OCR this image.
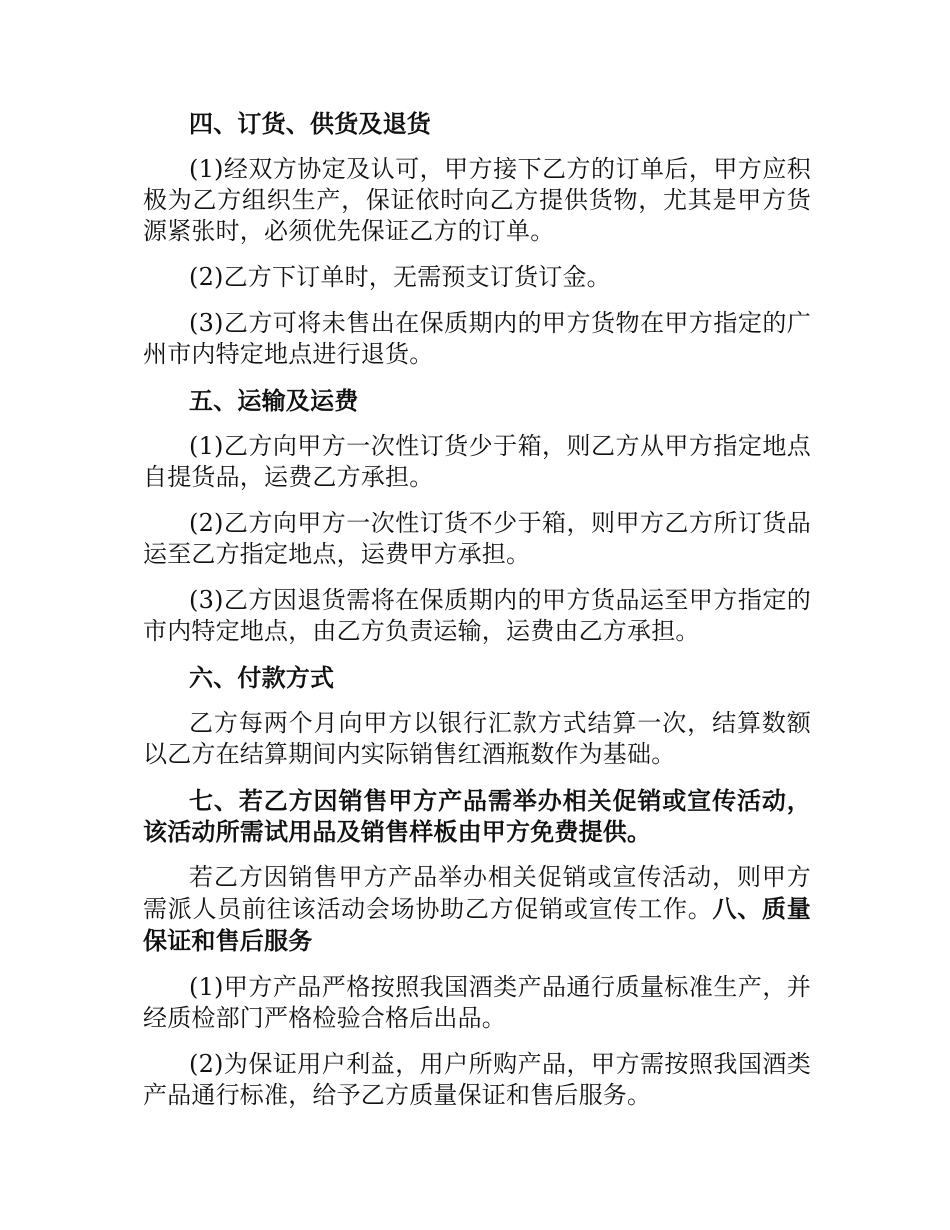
四、订货、供货及退货

(1)经双方协定及认可，甲方接下乙方的订单后，甲方应积极为乙方组织生产，保证依时向乙方提供货物，尤其是甲方货源紧张时，必须优先保证乙方的订单。

(2)乙方下订单时，无需预支订货订金。

(3)乙方可将未售出在保质期内的甲方货物在甲方指定的广州市内特定地点进行退货。

五、运输及运费

(1)乙方向甲方一次性订货少于箱，则乙方从甲方指定地点自提货品，运费乙方承担。

(2)乙方向甲方一次性订货不少于箱，则甲方乙方所订货品运至乙方指定地点，运费甲方承担。

(3)乙方因退货需将在保质期内的甲方货品运至甲方指定的市内特定地点，由乙方负责运输，运费由乙方承担。

六、付款方式

乙方每两个月向甲方以银行汇款方式结算一次，结算数额以乙方在结算期间内实际销售红酒瓶数作为基础。

七、若乙方因销售甲方产品需举办相关促销或宣传活动，该活动所需试用品及销售样板由甲方免费提供。

若乙方因销售甲方产品举办相关促销或宣传活动，则甲方需派人员前往该活动会场协助乙方促销或宣传工作。八、质量保证和售后服务

(1)甲方产品严格按照我国酒类产品通行质量标准生产，并经质检部门严格检验合格后出品。

(2)为保证用户利益，用户所购产品，甲方需按照我国酒类产品通行标准，给予乙方质量保证和售后服务。
